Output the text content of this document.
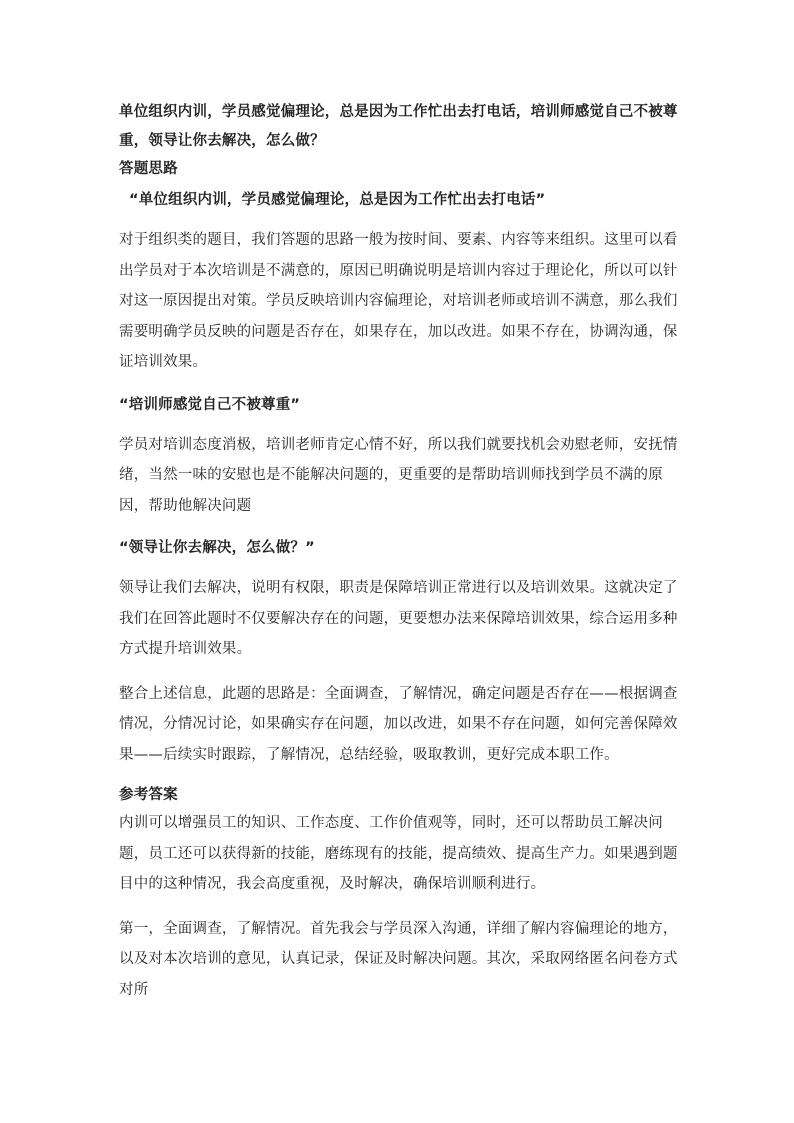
单位组织内训，学员感觉偏理论，总是因为工作忙出去打电话，培训师感觉自己不被尊重，领导让你去解决，怎么做？

答题思路

“单位组织内训，学员感觉偏理论，总是因为工作忙出去打电话”

对于组织类的题目，我们答题的思路一般为按时间、要素、内容等来组织。这里可以看出学员对于本次培训是不满意的，原因已明确说明是培训内容过于理论化，所以可以针对这一原因提出对策。学员反映培训内容偏理论，对培训老师或培训不满意，那么我们需要明确学员反映的问题是否存在，如果存在，加以改进。如果不存在，协调沟通，保证培训效果。

“培训师感觉自己不被尊重”

学员对培训态度消极，培训老师肯定心情不好，所以我们就要找机会劝慰老师，安抚情绪，当然一味的安慰也是不能解决问题的，更重要的是帮助培训师找到学员不满的原因，帮助他解决问题

“领导让你去解决，怎么做？”

领导让我们去解决，说明有权限，职责是保障培训正常进行以及培训效果。这就决定了我们在回答此题时不仅要解决存在的问题，更要想办法来保障培训效果，综合运用多种方式提升培训效果。

整合上述信息，此题的思路是：全面调查，了解情况，确定问题是否存在——根据调查情况，分情况讨论，如果确实存在问题，加以改进，如果不存在问题，如何完善保障效果——后续实时跟踪，了解情况，总结经验，吸取教训，更好完成本职工作。

参考答案

内训可以增强员工的知识、工作态度、工作价值观等，同时，还可以帮助员工解决问题，员工还可以获得新的技能，磨练现有的技能，提高绩效、提高生产力。如果遇到题目中的这种情况，我会高度重视，及时解决，确保培训顺利进行。

第一，全面调查，了解情况。首先我会与学员深入沟通，详细了解内容偏理论的地方，以及对本次培训的意见，认真记录，保证及时解决问题。其次，采取网络匿名问卷方式对所
